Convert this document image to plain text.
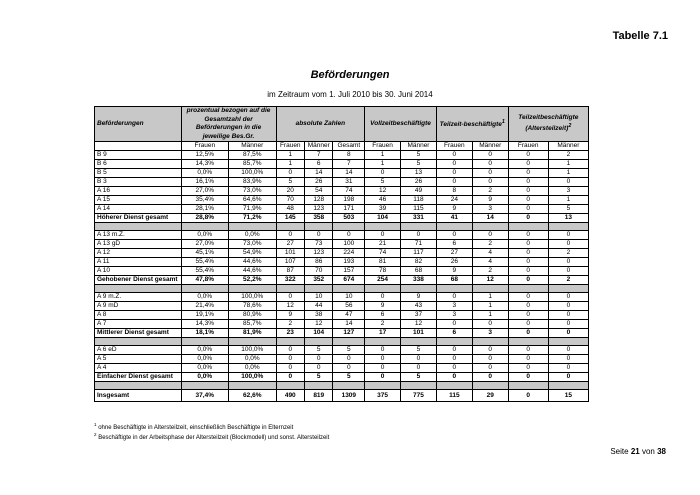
Tabelle 7.1
Beförderungen
im Zeitraum vom 1. Juli 2010 bis 30. Juni 2014
Beförderungen	prozentual bezogen auf die Gesamtzahl der Beförderungen in die jeweilige Bes.Gr.		absolute Zahlen			Vollzeitbeschäftigte		Teilzeit-beschäftigte$^1$		Teilzeitbeschäftigte (Altersteilzeit)$^2$
	Frauen	Männer	Frauen	Männer	Gesamt	Frauen	Männer	Frauen	Männer	Frauen	Männer
B 9	12,5%	87,5%	1	7	8	1	5	0	0	0	2
B 6	14,3%	85,7%	1	6	7	1	5	0	0	0	1
B 5	0,0%	100,0%	0	14	14	0	13	0	0	0	1
B 3	16,1%	83,9%	5	26	31	5	26	0	0	0	0
A 16	27,0%	73,0%	20	54	74	12	49	8	2	0	3
A 15	35,4%	64,6%	70	128	198	46	118	24	9	0	1
A 14	28,1%	71,9%	48	123	171	39	115	9	3	0	5
Höherer Dienst gesamt	28,8%	71,2%	145	358	503	104	331	41	14	0	13

A 13 m.Z.	0,0%	0,0%	0	0	0	0	0	0	0	0	0
A 13 gD	27,0%	73,0%	27	73	100	21	71	6	2	0	0
A 12	45,1%	54,9%	101	123	224	74	117	27	4	0	2
A 11	55,4%	44,6%	107	86	193	81	82	26	4	0	0
A 10	55,4%	44,6%	87	70	157	78	68	9	2	0	0
Gehobener Dienst gesamt	47,8%	52,2%	322	352	674	254	338	68	12	0	2

A 9 m.Z.	0,0%	100,0%	0	10	10	0	9	0	1	0	0
A 9 mD	21,4%	78,6%	12	44	56	9	43	3	1	0	0
A 8	19,1%	80,9%	9	38	47	6	37	3	1	0	0
A 7	14,3%	85,7%	2	12	14	2	12	0	0	0	0
Mittlerer Dienst gesamt	18,1%	81,9%	23	104	127	17	101	6	3	0	0

A 6 eD	0,0%	100,0%	0	5	5	0	5	0	0	0	0
A 5	0,0%	0,0%	0	0	0	0	0	0	0	0	0
A 4	0,0%	0,0%	0	0	0	0	0	0	0	0	0
Einfacher Dienst gesamt	0,0%	100,0%	0	5	5	0	5	0	0	0	0

Insgesamt	37,4%	62,6%	490	819	1309	375	775	115	29	0	15
$^1$ ohne Beschäftigte in Altersteilzeit, einschließlich Beschäftigte in Elternzeit
$^2$ Beschäftigte in der Arbeitsphase der Altersteilzeit (Blockmodell) und sonst. Altersteilzeit
Seite 21 von 38
